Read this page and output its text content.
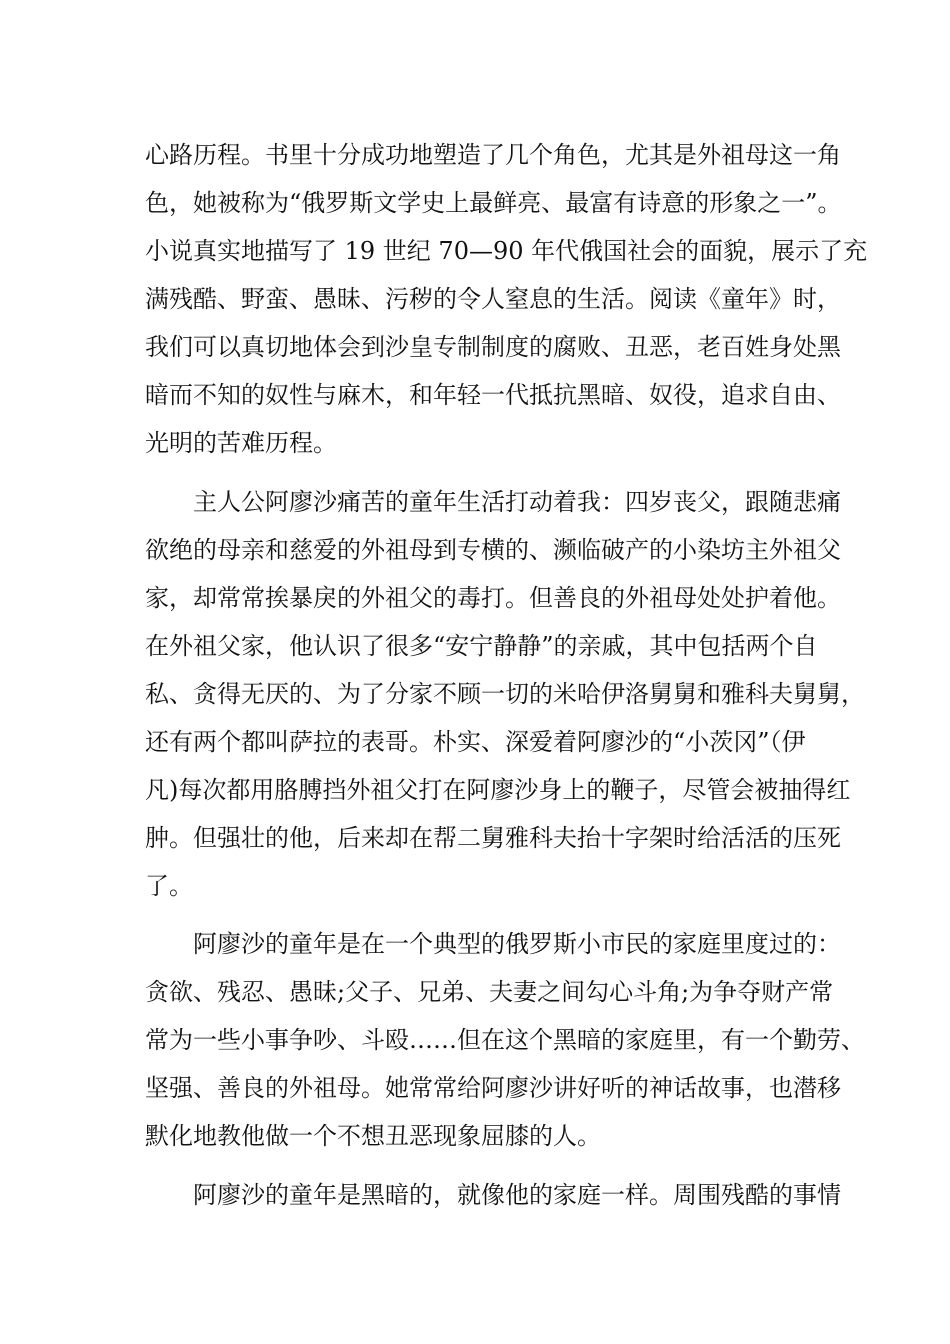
心路历程。书里十分成功地塑造了几个角色，尤其是外祖母这一角
色，她被称为“俄罗斯文学史上最鲜亮、最富有诗意的形象之一”。
小说真实地描写了 19 世纪 70—90 年代俄国社会的面貌，展示了充
满残酷、野蛮、愚昧、污秽的令人窒息的生活。阅读《童年》时，
我们可以真切地体会到沙皇专制制度的腐败、丑恶，老百姓身处黑
暗而不知的奴性与麻木，和年轻一代抵抗黑暗、奴役，追求自由、
光明的苦难历程。
主人公阿廖沙痛苦的童年生活打动着我：四岁丧父，跟随悲痛
欲绝的母亲和慈爱的外祖母到专横的、濒临破产的小染坊主外祖父
家，却常常挨暴戾的外祖父的毒打。但善良的外祖母处处护着他。
在外祖父家，他认识了很多“安宁静静”的亲戚，其中包括两个自
私、贪得无厌的、为了分家不顾一切的米哈伊洛舅舅和雅科夫舅舅，
还有两个都叫萨拉的表哥。朴实、深爱着阿廖沙的“小茨冈”（伊
凡)每次都用胳膊挡外祖父打在阿廖沙身上的鞭子，尽管会被抽得红
肿。但强壮的他，后来却在帮二舅雅科夫抬十字架时给活活的压死
了。
阿廖沙的童年是在一个典型的俄罗斯小市民的家庭里度过的：
贪欲、残忍、愚昧;父子、兄弟、夫妻之间勾心斗角;为争夺财产常
常为一些小事争吵、斗殴……但在这个黑暗的家庭里，有一个勤劳、
坚强、善良的外祖母。她常常给阿廖沙讲好听的神话故事，也潜移
默化地教他做一个不想丑恶现象屈膝的人。
阿廖沙的童年是黑暗的，就像他的家庭一样。周围残酷的事情
